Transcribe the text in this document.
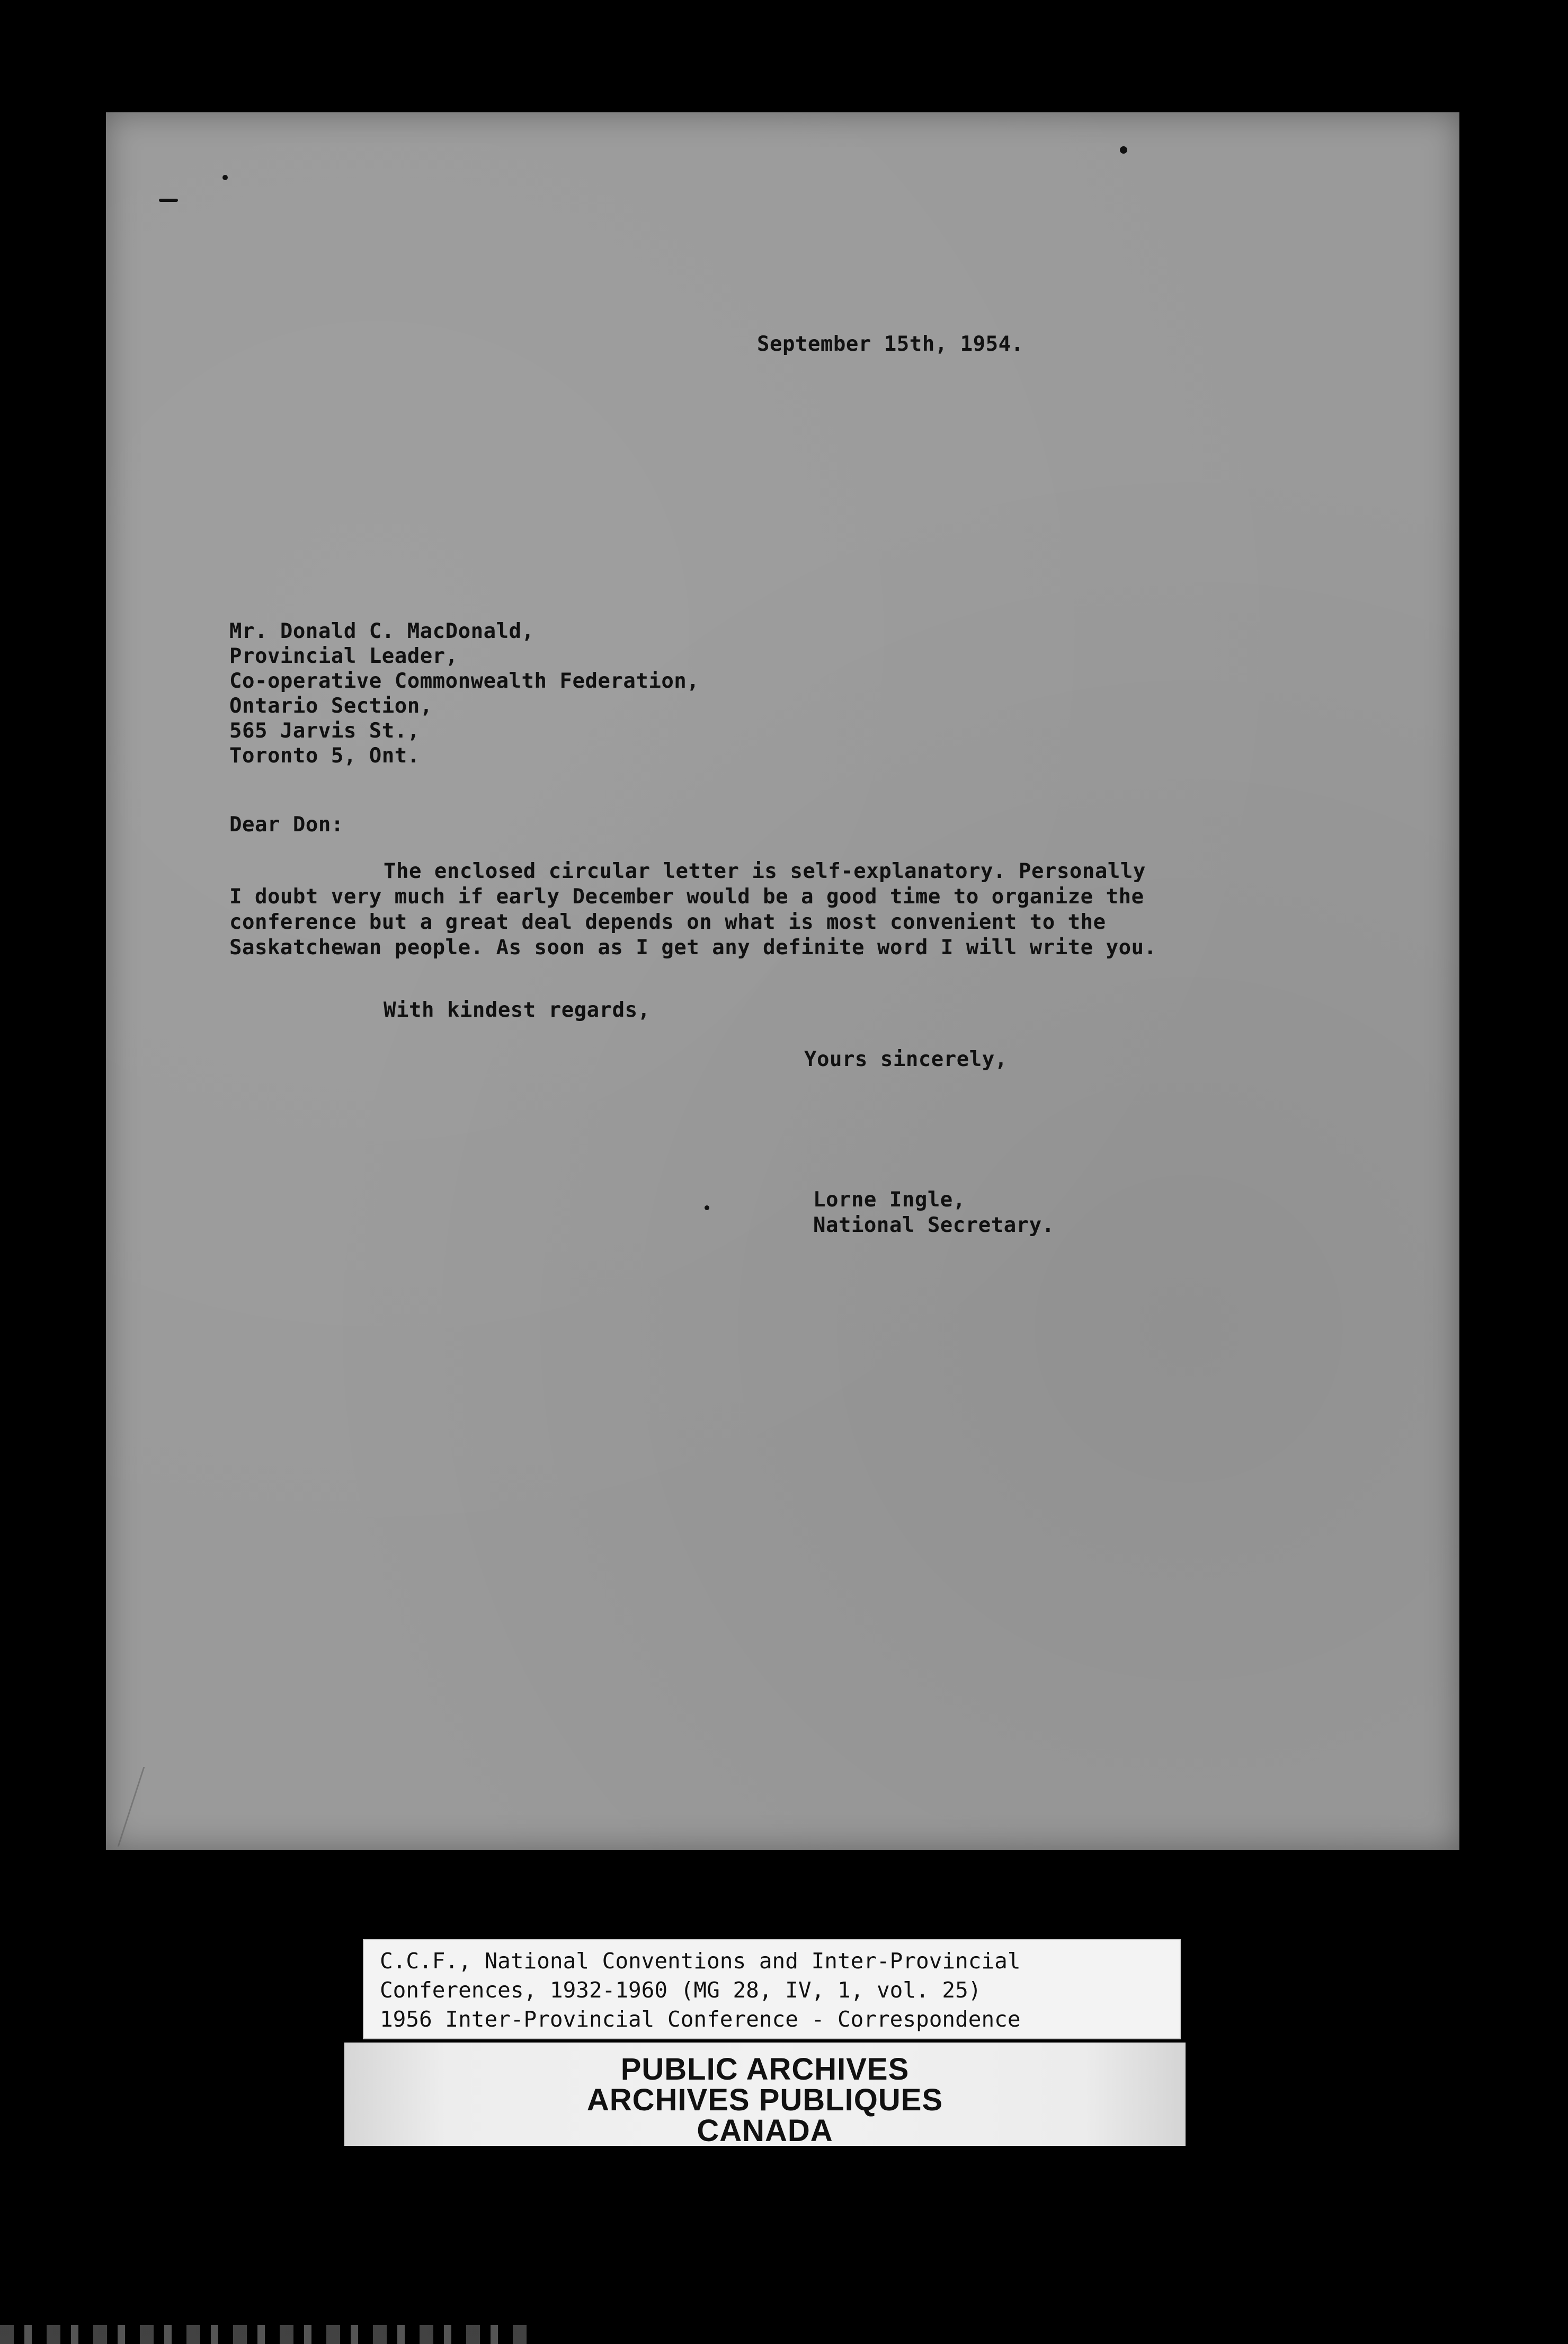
September 15th, 1954.
Mr. Donald C. MacDonald,
Provincial Leader,
Co-operative Commonwealth Federation,
Ontario Section,
565 Jarvis St.,
Toronto 5, Ont.
Dear Don:
The enclosed circular letter is self-explanatory. Personally
I doubt very much if early December would be a good time to organize the
conference but a great deal depends on what is most convenient to the
Saskatchewan people. As soon as I get any definite word I will write you.
With kindest regards,
Yours sincerely,
Lorne Ingle,
National Secretary.
C.C.F., National Conventions and Inter-Provincial
Conferences, 1932-1960 (MG 28, IV, 1, vol. 25)
1956 Inter-Provincial Conference - Correspondence
PUBLIC ARCHIVES
ARCHIVES PUBLIQUES
CANADA
